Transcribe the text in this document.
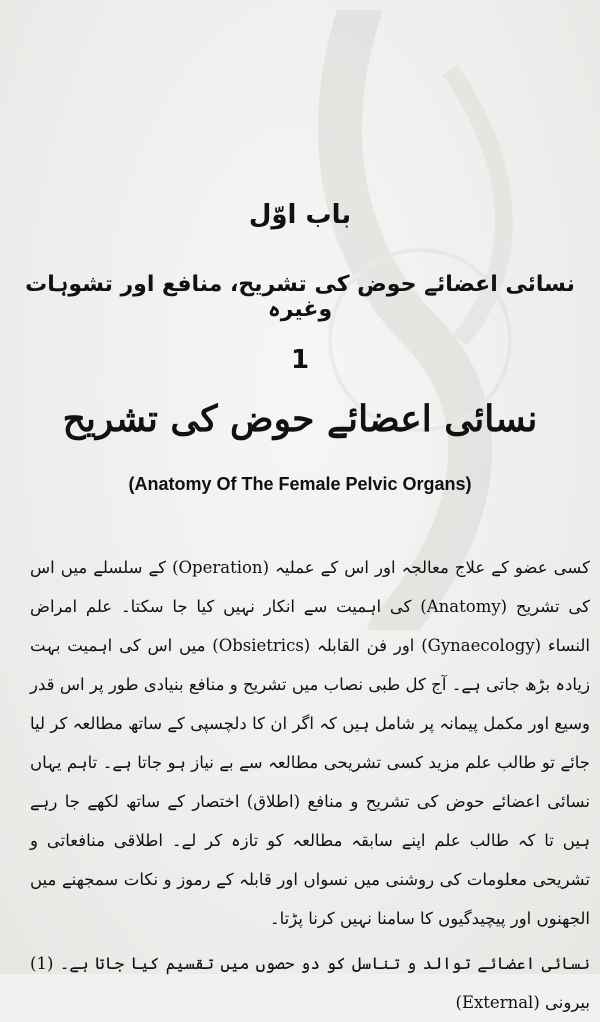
باب اوّل
نسائی اعضائے حوض کی تشریح، منافع اور تشوہات وغیرہ
1
نسائی اعضائے حوض کی تشریح
(Anatomy Of The Female Pelvic Organs)

کسی عضو کے علاج معالجہ اور اس کے عملیہ (Operation) کے سلسلے میں اس کی تشریح (Anatomy) کی اہمیت سے انکار نہیں کیا جا سکتا۔ علم امراض النساء (Gynaecology) اور فن القابلہ (Obsietrics) میں اس کی اہمیت بہت زیادہ بڑھ جاتی ہے۔ آج کل طبی نصاب میں تشریح و منافع بنیادی طور پر اس قدر وسیع اور مکمل پیمانہ پر شامل ہیں کہ اگر ان کا دلچسپی کے ساتھ مطالعہ کر لیا جائے تو طالب علم مزید کسی تشریحی مطالعہ سے بے نیاز ہو جاتا ہے۔ تاہم یہاں نسائی اعضائے حوض کی تشریح و منافع (اطلاق) اختصار کے ساتھ لکھے جا رہے ہیں تا کہ طالب علم اپنے سابقہ مطالعہ کو تازہ کر لے۔ اطلاقی منافعاتی و تشریحی معلومات کی روشنی میں نسواں اور قابلہ کے رموز و نکات سمجھنے میں الجھنوں اور پیچیدگیوں کا سامنا نہیں کرنا پڑتا۔

نسائی اعضائے توالد و تناسل کو دو حصوں میں تقسیم کیا جاتا ہے۔ (1) بیرونی (External)
